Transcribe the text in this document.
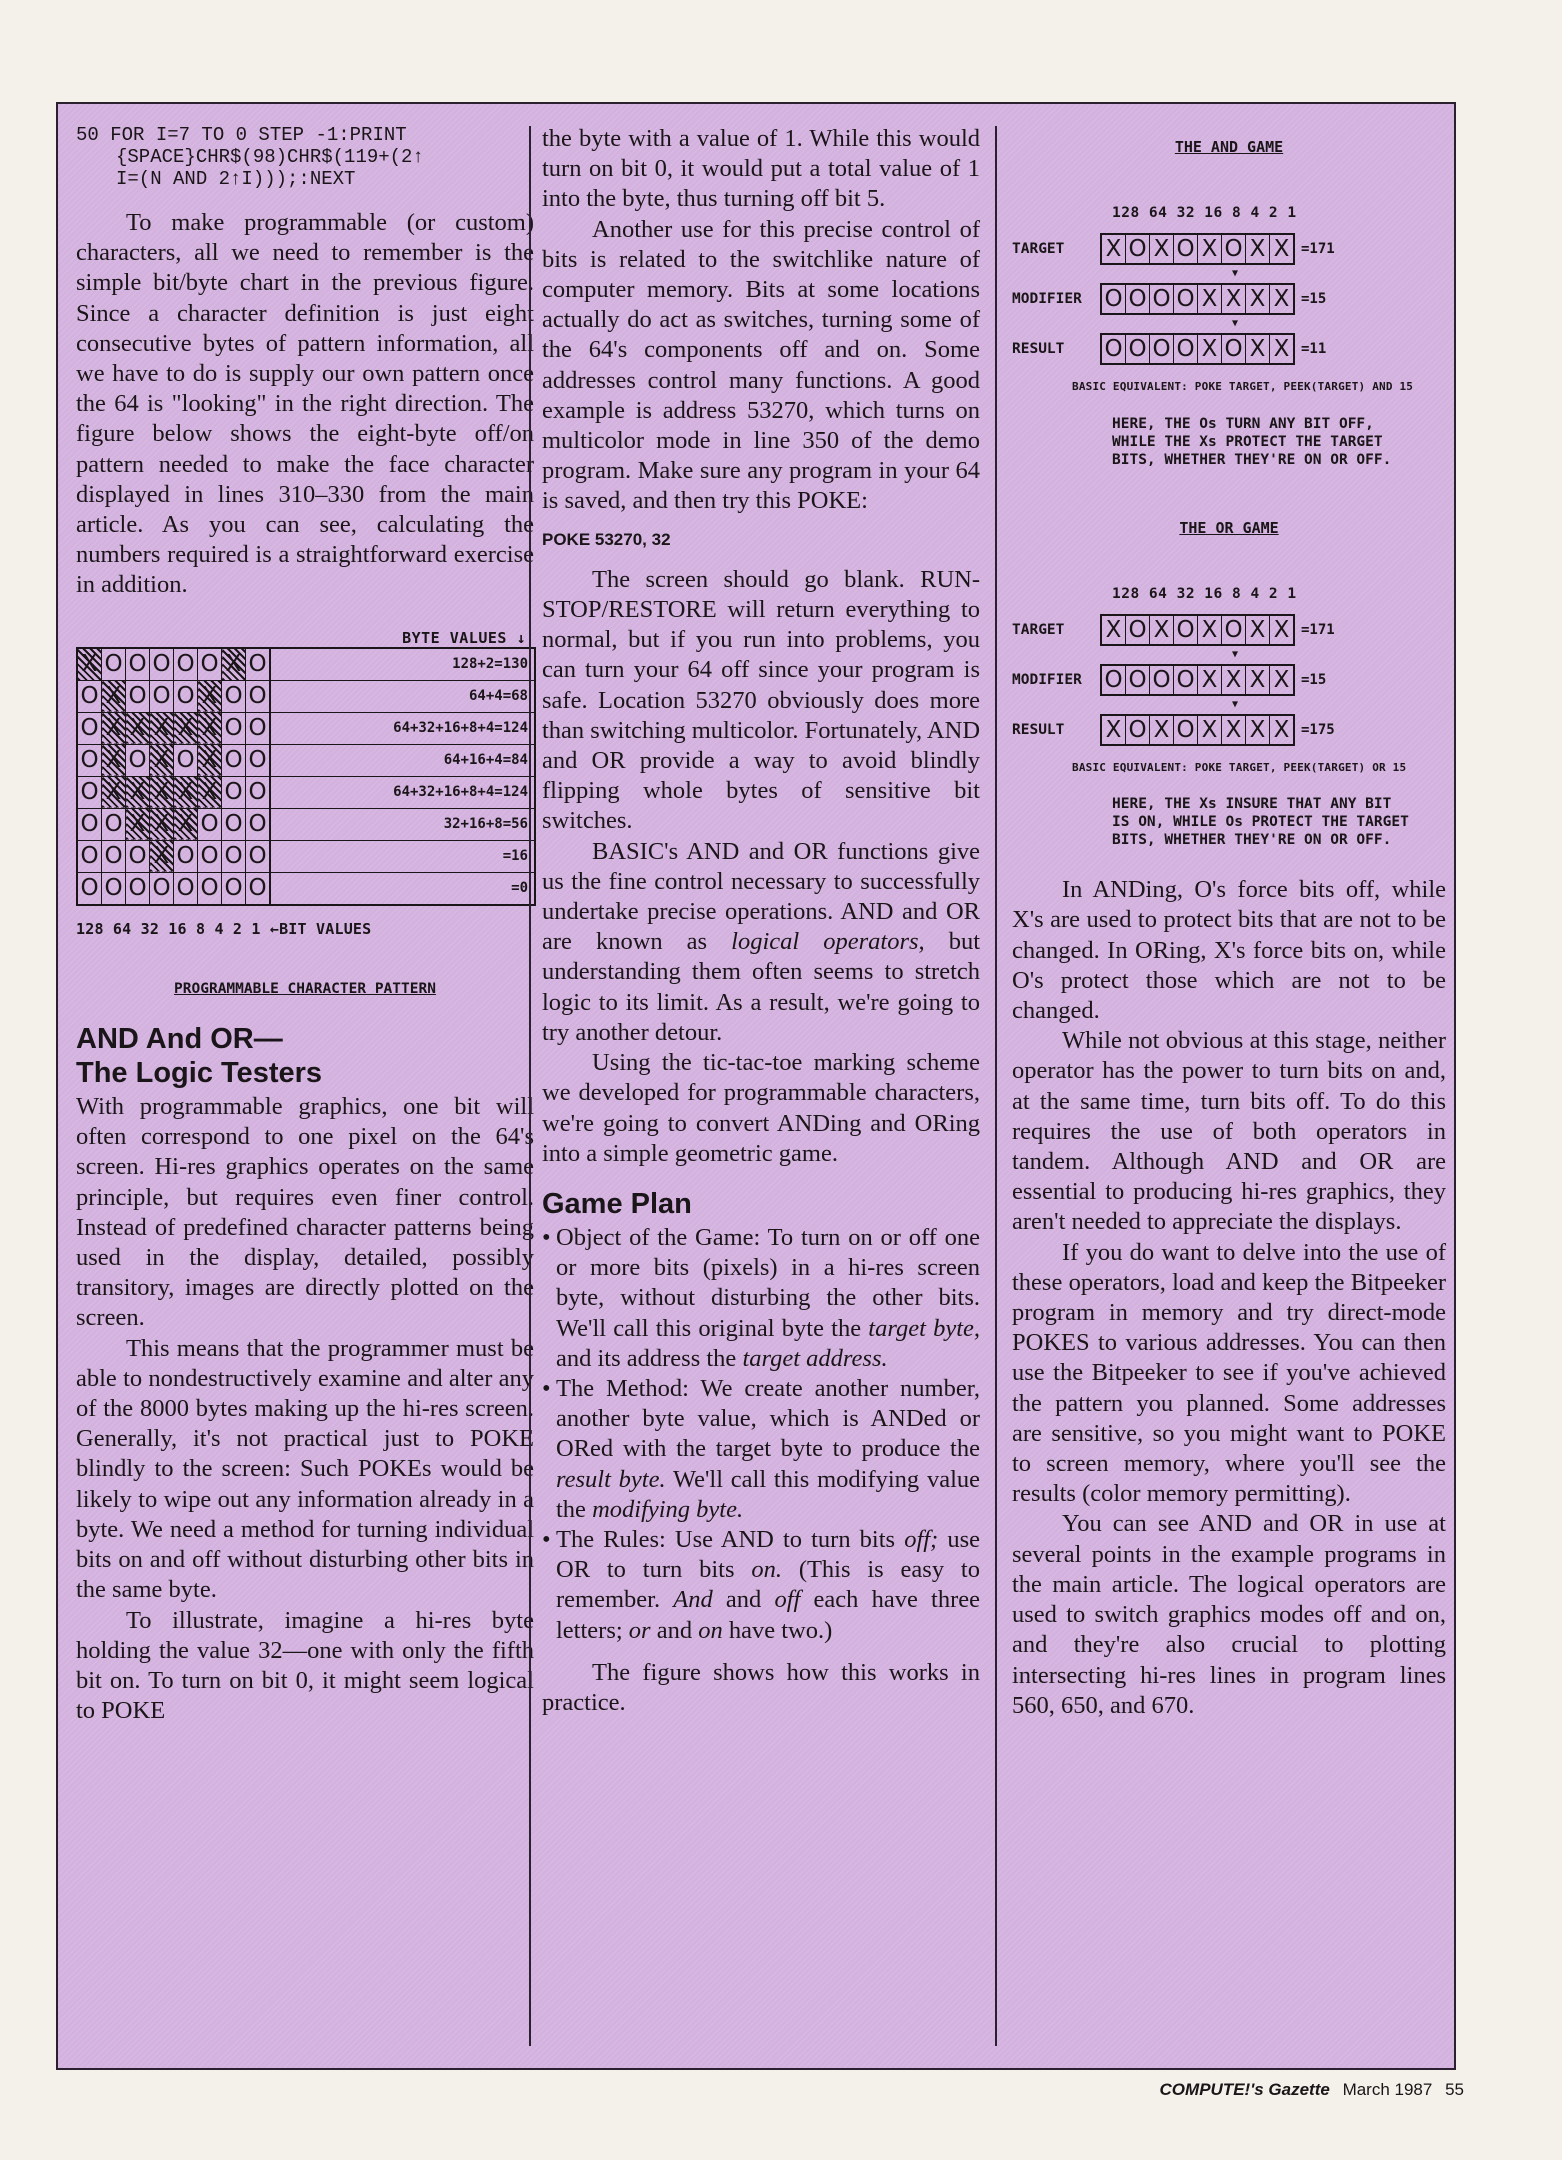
50 FOR I=7 TO 0 STEP -1:PRINT
{SPACE}CHR$(98)CHR$(119+(2↑
I=(N AND 2↑I)));:NEXT

To make programmable (or custom) characters, all we need to remember is the simple bit/byte chart in the previous figure. Since a character definition is just eight consecutive bytes of pattern information, all we have to do is supply our own pattern once the 64 is "looking" in the right direction. The figure below shows the eight-byte off/on pattern needed to make the face character displayed in lines 310–330 from the main article. As you can see, calculating the numbers required is a straightforward exercise in addition.

BYTE VALUES ↓
X	O	O	O	O	O	X	O	128+2=130
O	X	O	O	O	X	O	O	64+4=68
O	X	X	X	X	X	O	O	64+32+16+8+4=124
O	X	O	X	O	X	O	O	64+16+4=84
O	X	X	X	X	X	O	O	64+32+16+8+4=124
O	O	X	X	X	O	O	O	32+16+8=56
O	O	O	X	O	O	O	O	=16
O	O	O	O	O	O	O	O	=0
128 64 32 16 8 4 2 1 ←BIT VALUES
PROGRAMMABLE CHARACTER PATTERN
AND And OR—
The Logic Testers

With programmable graphics, one bit will often correspond to one pixel on the 64's screen. Hi-res graphics operates on the same principle, but requires even finer control. Instead of predefined character patterns being used in the display, detailed, possibly transitory, images are directly plotted on the screen.

This means that the programmer must be able to nondestructively examine and alter any of the 8000 bytes making up the hi-res screen. Generally, it's not practical just to POKE blindly to the screen: Such POKEs would be likely to wipe out any information already in a byte. We need a method for turning individual bits on and off without disturbing other bits in the same byte.

To illustrate, imagine a hi-res byte holding the value 32—one with only the fifth bit on. To turn on bit 0, it might seem logical to POKE

the byte with a value of 1. While this would turn on bit 0, it would put a total value of 1 into the byte, thus turning off bit 5.

Another use for this precise control of bits is related to the switchlike nature of computer memory. Bits at some locations actually do act as switches, turning some of the 64's components off and on. Some addresses control many functions. A good example is address 53270, which turns on multicolor mode in line 350 of the demo program. Make sure any program in your 64 is saved, and then try this POKE:

POKE 53270, 32

The screen should go blank. RUN-STOP/RESTORE will return everything to normal, but if you run into problems, you can turn your 64 off since your program is safe. Location 53270 obviously does more than switching multicolor. Fortunately, AND and OR provide a way to avoid blindly flipping whole bytes of sensitive bit switches.

BASIC's AND and OR functions give us the fine control necessary to successfully undertake precise operations. AND and OR are known as logical operators, but understanding them often seems to stretch logic to its limit. As a result, we're going to try another detour.

Using the tic-tac-toe marking scheme we developed for programmable characters, we're going to convert ANDing and ORing into a simple geometric game.

Game Plan
• Object of the Game: To turn on or off one or more bits (pixels) in a hi-res screen byte, without disturbing the other bits. We'll call this original byte the target byte, and its address the target address.
• The Method: We create another number, another byte value, which is ANDed or ORed with the target byte to produce the result byte. We'll call this modifying value the modifying byte.
• The Rules: Use AND to turn bits off; use OR to turn bits on. (This is easy to remember. And and off each have three letters; or and on have two.)

The figure shows how this works in practice.

THE AND GAME
128 64 32 16 8 4 2 1
TARGET	X O X O X O X X =171
▼
MODIFIER O O O O X X X X =15
▼
RESULT	O O O O X O X X =11
BASIC EQUIVALENT: POKE TARGET, PEEK(TARGET) AND 15
HERE, THE Os TURN ANY BIT OFF,
WHILE THE Xs PROTECT THE TARGET
BITS, WHETHER THEY'RE ON OR OFF.
THE OR GAME
128 64 32 16 8 4 2 1
TARGET	X O X O X O X X =171
▼
MODIFIER O O O O X X X X =15
▼
RESULT	X O X O X X X X =175
BASIC EQUIVALENT: POKE TARGET, PEEK(TARGET) OR 15
HERE, THE Xs INSURE THAT ANY BIT
IS ON, WHILE Os PROTECT THE TARGET
BITS, WHETHER THEY'RE ON OR OFF.

In ANDing, O's force bits off, while X's are used to protect bits that are not to be changed. In ORing, X's force bits on, while O's protect those which are not to be changed.

While not obvious at this stage, neither operator has the power to turn bits on and, at the same time, turn bits off. To do this requires the use of both operators in tandem. Although AND and OR are essential to producing hi-res graphics, they aren't needed to appreciate the displays.

If you do want to delve into the use of these operators, load and keep the Bitpeeker program in memory and try direct-mode POKES to various addresses. You can then use the Bitpeeker to see if you've achieved the pattern you planned. Some addresses are sensitive, so you might want to POKE to screen memory, where you'll see the results (color memory permitting).

You can see AND and OR in use at several points in the example programs in the main article. The logical operators are used to switch graphics modes off and on, and they're also crucial to plotting intersecting hi-res lines in program lines 560, 650, and 670.

COMPUTE!'s Gazette March 1987 55
